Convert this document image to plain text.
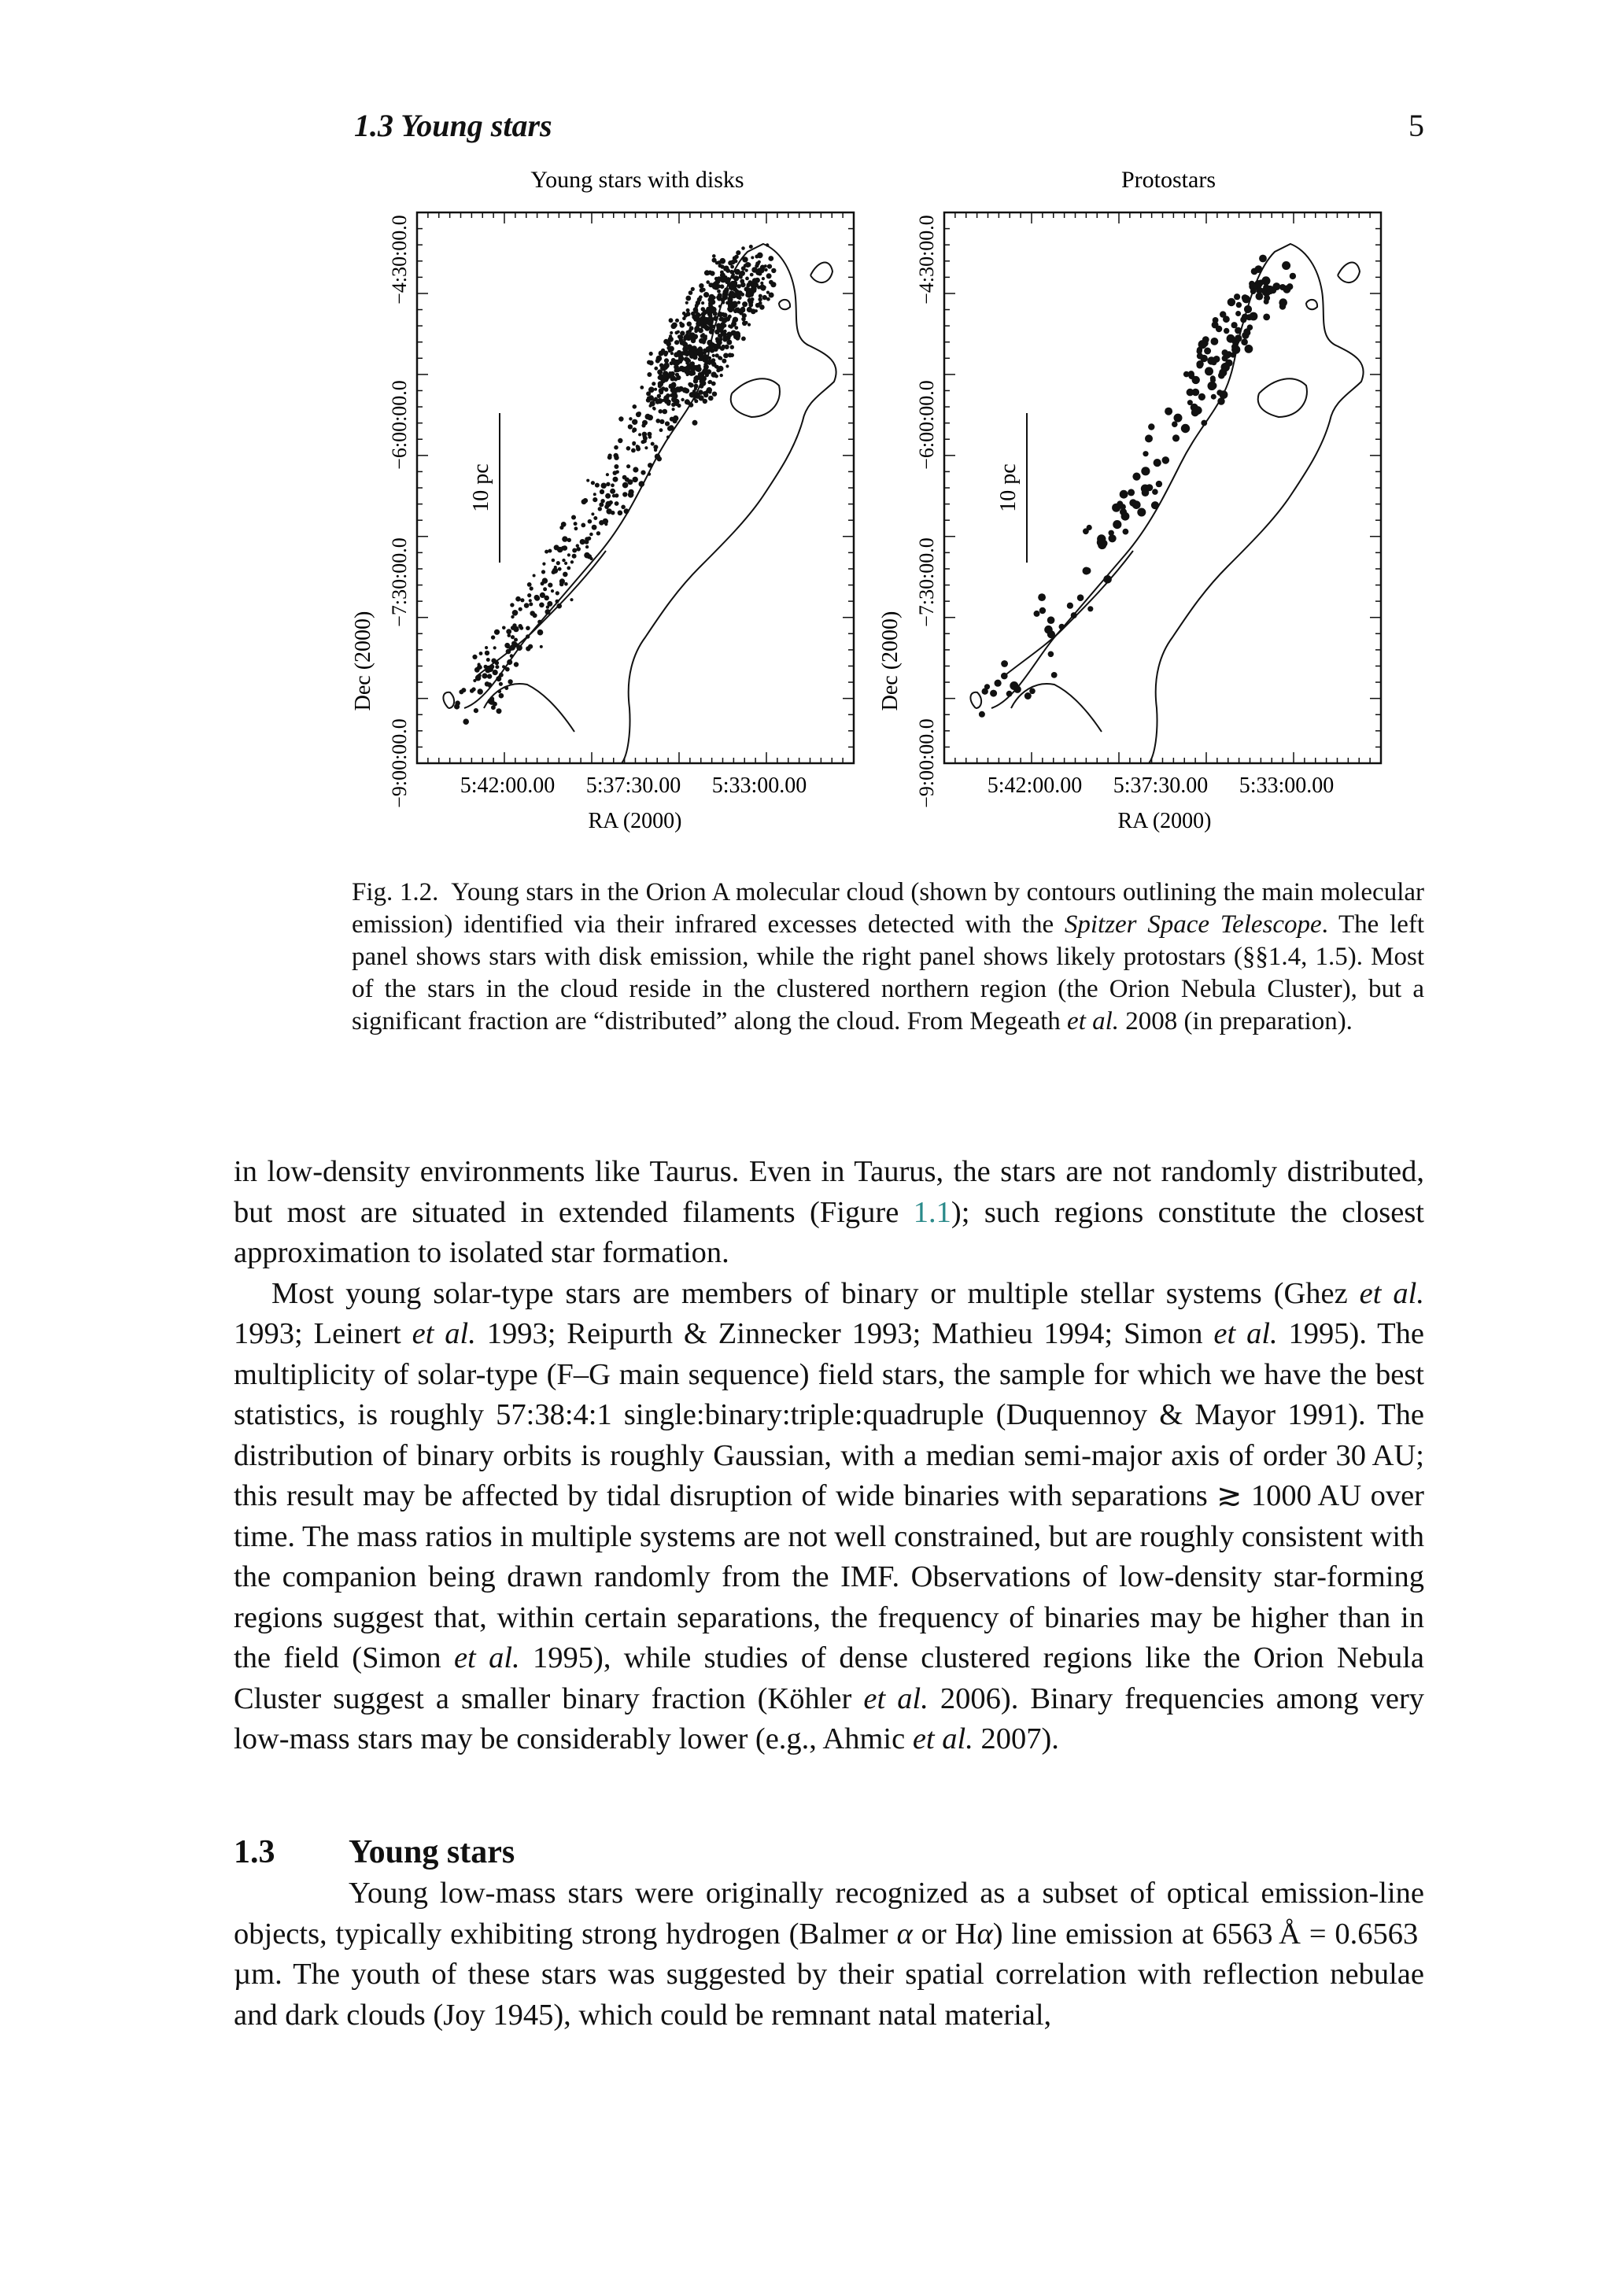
1.3 Young stars	5
Young stars with disks
Dec (2000)
−9:00:00.0
−7:30:00.0
−6:00:00.0
−4:30:00.0
5:42:00.00 5:37:30.00 5:33:00.00
RA (2000)
10 pc
Protostars
Dec (2000)
−9:00:00.0
−7:30:00.0
−6:00:00.0
−4:30:00.0
5:42:00.00 5:37:30.00 5:33:00.00
RA (2000)
10 pc
Fig. 1.2. Young stars in the Orion A molecular cloud (shown by contours outlining the main molecular emission) identified via their infrared excesses detected with the Spitzer Space Telescope. The left panel shows stars with disk emission, while the right panel shows likely protostars (§§1.4, 1.5). Most of the stars in the cloud reside in the clustered northern region (the Orion Nebula Cluster), but a significant fraction are “distributed” along the cloud. From Megeath et al. 2008 (in preparation).

in low-density environments like Taurus. Even in Taurus, the stars are not randomly distributed, but most are situated in extended filaments (Figure 1.1); such regions constitute the closest approximation to isolated star formation.

Most young solar-type stars are members of binary or multiple stellar systems (Ghez et al. 1993; Leinert et al. 1993; Reipurth & Zinnecker 1993; Mathieu 1994; Simon et al. 1995). The multiplicity of solar-type (F–G main sequence) field stars, the sample for which we have the best statistics, is roughly 57:38:4:1 single:binary:triple:quadruple (Duquennoy & Mayor 1991). The distribution of binary orbits is roughly Gaussian, with a median semi-major axis of order 30 AU; this result may be affected by tidal disruption of wide binaries with separations ≳ 1000 AU over time. The mass ratios in multiple systems are not well constrained, but are roughly consistent with the companion being drawn randomly from the IMF. Observations of low-density star-forming regions suggest that, within certain separations, the frequency of binaries may be higher than in the field (Simon et al. 1995), while studies of dense clustered regions like the Orion Nebula Cluster suggest a smaller binary fraction (Köhler et al. 2006). Binary frequencies among very low-mass stars may be considerably lower (e.g., Ahmic et al. 2007).

1.3 Young stars

Young low-mass stars were originally recognized as a subset of optical emission-line objects, typically exhibiting strong hydrogen (Balmer α or Hα) line emission at 6563 Å = 0.6563 µm. The youth of these stars was suggested by their spatial correlation with reflection nebulae and dark clouds (Joy 1945), which could be remnant natal material,
